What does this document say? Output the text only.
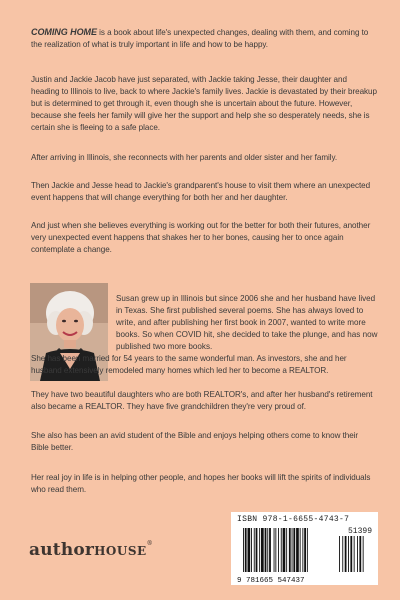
COMING HOME is a book about life's unexpected changes, dealing with them, and coming to the realization of what is truly important in life and how to be happy.

Justin and Jackie Jacob have just separated, with Jackie taking Jesse, their daughter and heading to Illinois to live, back to where Jackie's family lives. Jackie is devastated by their breakup but is determined to get through it, even though she is uncertain about the future. However, because she feels her family will give her the support and help she so desperately needs, she is certain she is fleeing to a safe place.

After arriving in Illinois, she reconnects with her parents and older sister and her family.

Then Jackie and Jesse head to Jackie's grandparent's house to visit them where an unexpected event happens that will change everything for both her and her daughter.

And just when she believes everything is working out for the better for both their futures, another very unexpected event happens that shakes her to her bones, causing her to once again contemplate a change.

Susan grew up in Illinois but since 2006 she and her husband have lived in Texas. She first published several poems. She has always loved to write, and after publishing her first book in 2007, wanted to write more books. So when COVID hit, she decided to take the plunge, and has now published two more books.

She has been married for 54 years to the same wonderful man. As investors, she and her husband extensively remodeled many homes which led her to become a REALTOR.

They have two beautiful daughters who are both REALTOR's, and after her husband's retirement also became a REALTOR. They have five grandchildren they're very proud of.

She also has been an avid student of the Bible and enjoys helping others come to know their Bible better.

Her real joy in life is in helping other people, and hopes her books will lift the spirits of individuals who read them.

ISBN 978-1-6655-4743-7
51399
9 781665 547437
authorHOUSE®
